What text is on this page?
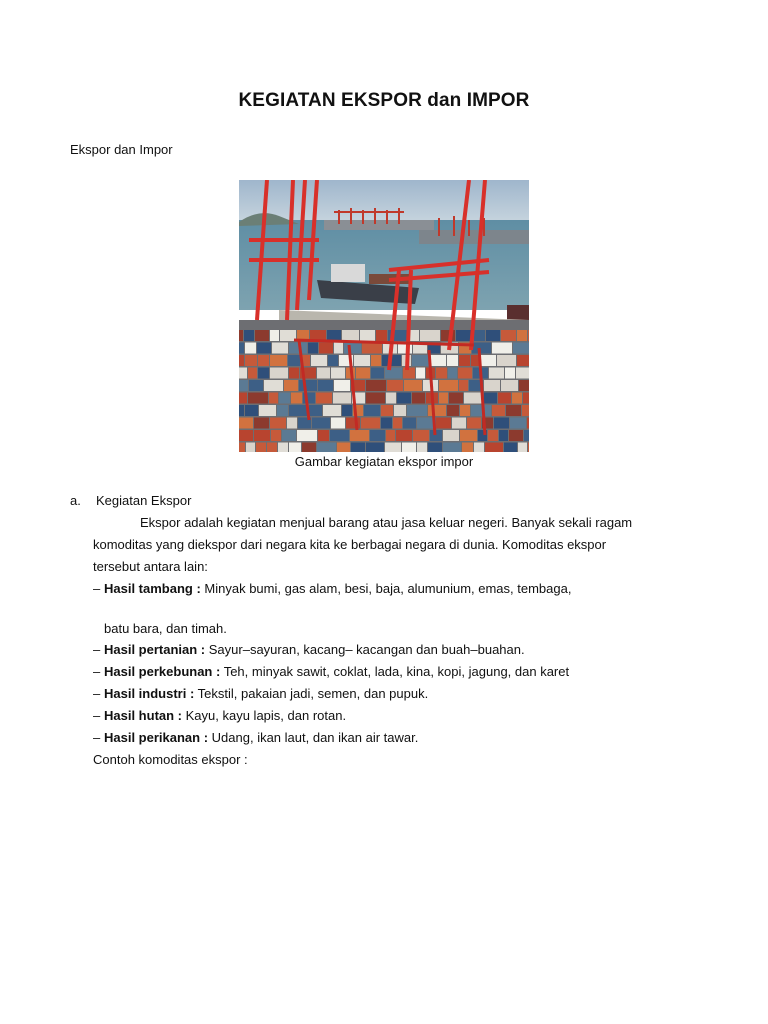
KEGIATAN EKSPOR dan IMPOR
Ekspor dan Impor
Gambar kegiatan ekspor impor
a. Kegiatan Ekspor
Ekspor adalah kegiatan menjual barang atau jasa keluar negeri. Banyak sekali ragam
komoditas yang diekspor dari negara kita ke berbagai negara di dunia. Komoditas ekspor
tersebut antara lain:
– Hasil tambang : Minyak bumi, gas alam, besi, baja, alumunium, emas, tembaga,
batu bara, dan timah.
– Hasil pertanian : Sayur–sayuran, kacang– kacangan dan buah–buahan.
– Hasil perkebunan : Teh, minyak sawit, coklat, lada, kina, kopi, jagung, dan karet
– Hasil industri : Tekstil, pakaian jadi, semen, dan pupuk.
– Hasil hutan : Kayu, kayu lapis, dan rotan.
– Hasil perikanan : Udang, ikan laut, dan ikan air tawar.
Contoh komoditas ekspor :
